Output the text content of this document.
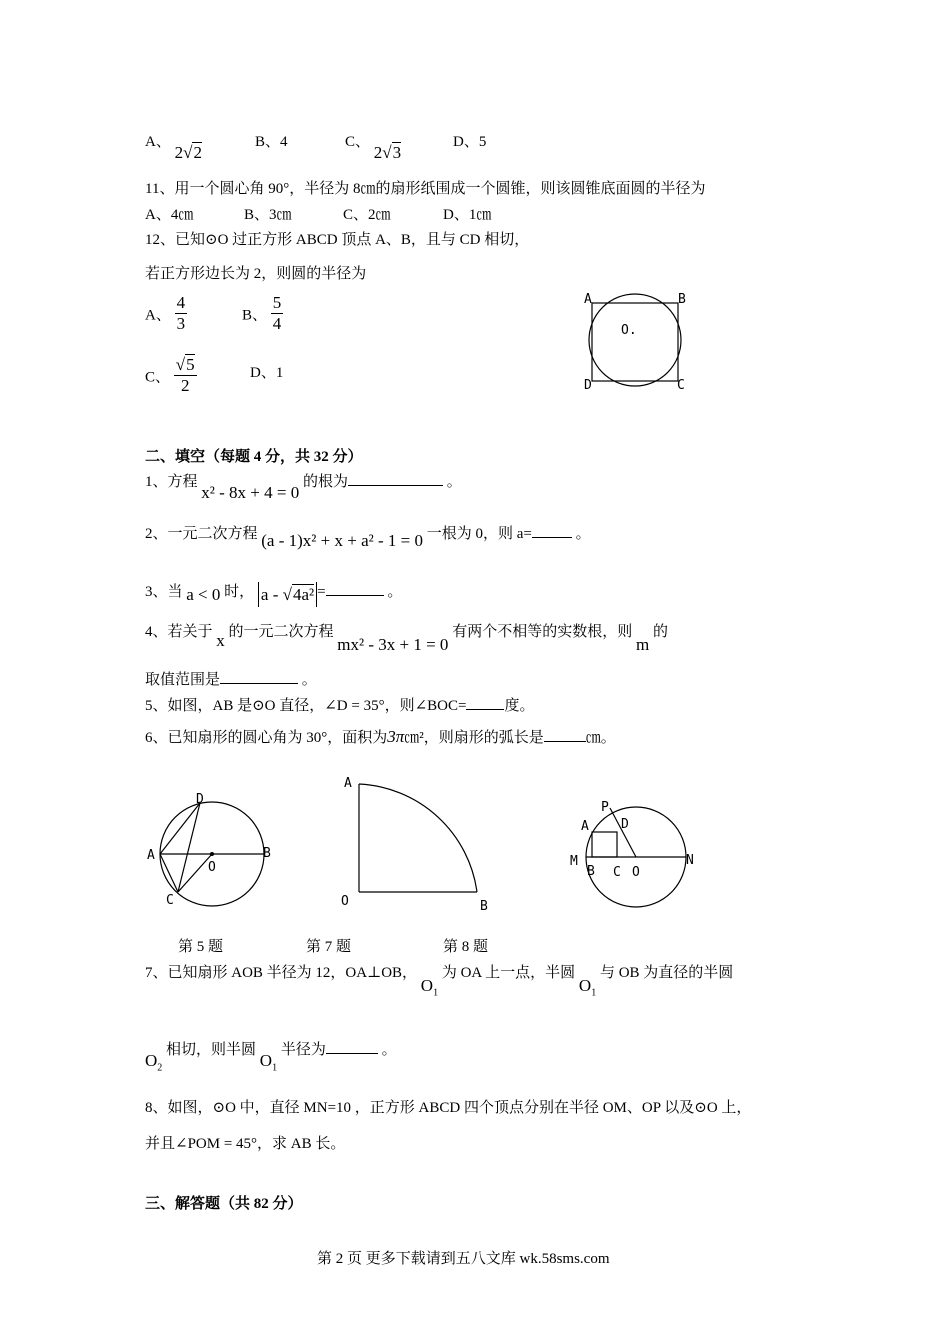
A、 2√2
B、4	C、 2√3
D、5
11、用一个圆心角 90°，半径为 8㎝的扇形纸围成一个圆锥，则该圆锥底面圆的半径为
A、4㎝	B、3㎝	C、2㎝	D、1㎝
12、已知⊙O 过正方形 ABCD 顶点 A、B，且与 CD 相切，
若正方形边长为 2，则圆的半径为
A、 $\frac{4}{3}$	B、 $\frac{5}{4}$
C、 $\frac{√5}{2}$	D、1
A	B
D	C
O.
二、填空（每题 4 分，共 32 分）
1、方程 x² - 8x + 4 = 0 的根为	。
2、一元二次方程 (a - 1)x² + x + a² - 1 = 0 一根为 0，则 a=	。
3、当 a < 0 时， a - √4a² =	。
4、若关于 x 的一元二次方程 mx² - 3x + 1 = 0 有两个不相等的实数根，则 m 的
取值范围是	。
5、如图，AB 是⊙O 直径，∠D = 35°，则∠BOC=	度。
6、已知扇形的圆心角为 30°，面积为3π㎝²，则扇形的弧长是	㎝。
D
A	B
O
C
A
O	B
P
A D
M
B C O
N
第 5 题	第 7 题	第 8 题
7、已知扇形 AOB 半径为 12，OA⊥OB， $O_1$ 为 OA 上一点，半圆 $O_1$ 与 OB 为直径的半圆
$O_2$ 相切，则半圆 $O_1$ 半径为	。
8、如图，⊙O 中，直径 MN=10 ，正方形 ABCD 四个顶点分别在半径 OM、OP 以及⊙O 上，
并且∠POM = 45°，求 AB 长。
三、解答题（共 82 分）
第 2 页 更多下载请到五八文库 wk.58sms.com
